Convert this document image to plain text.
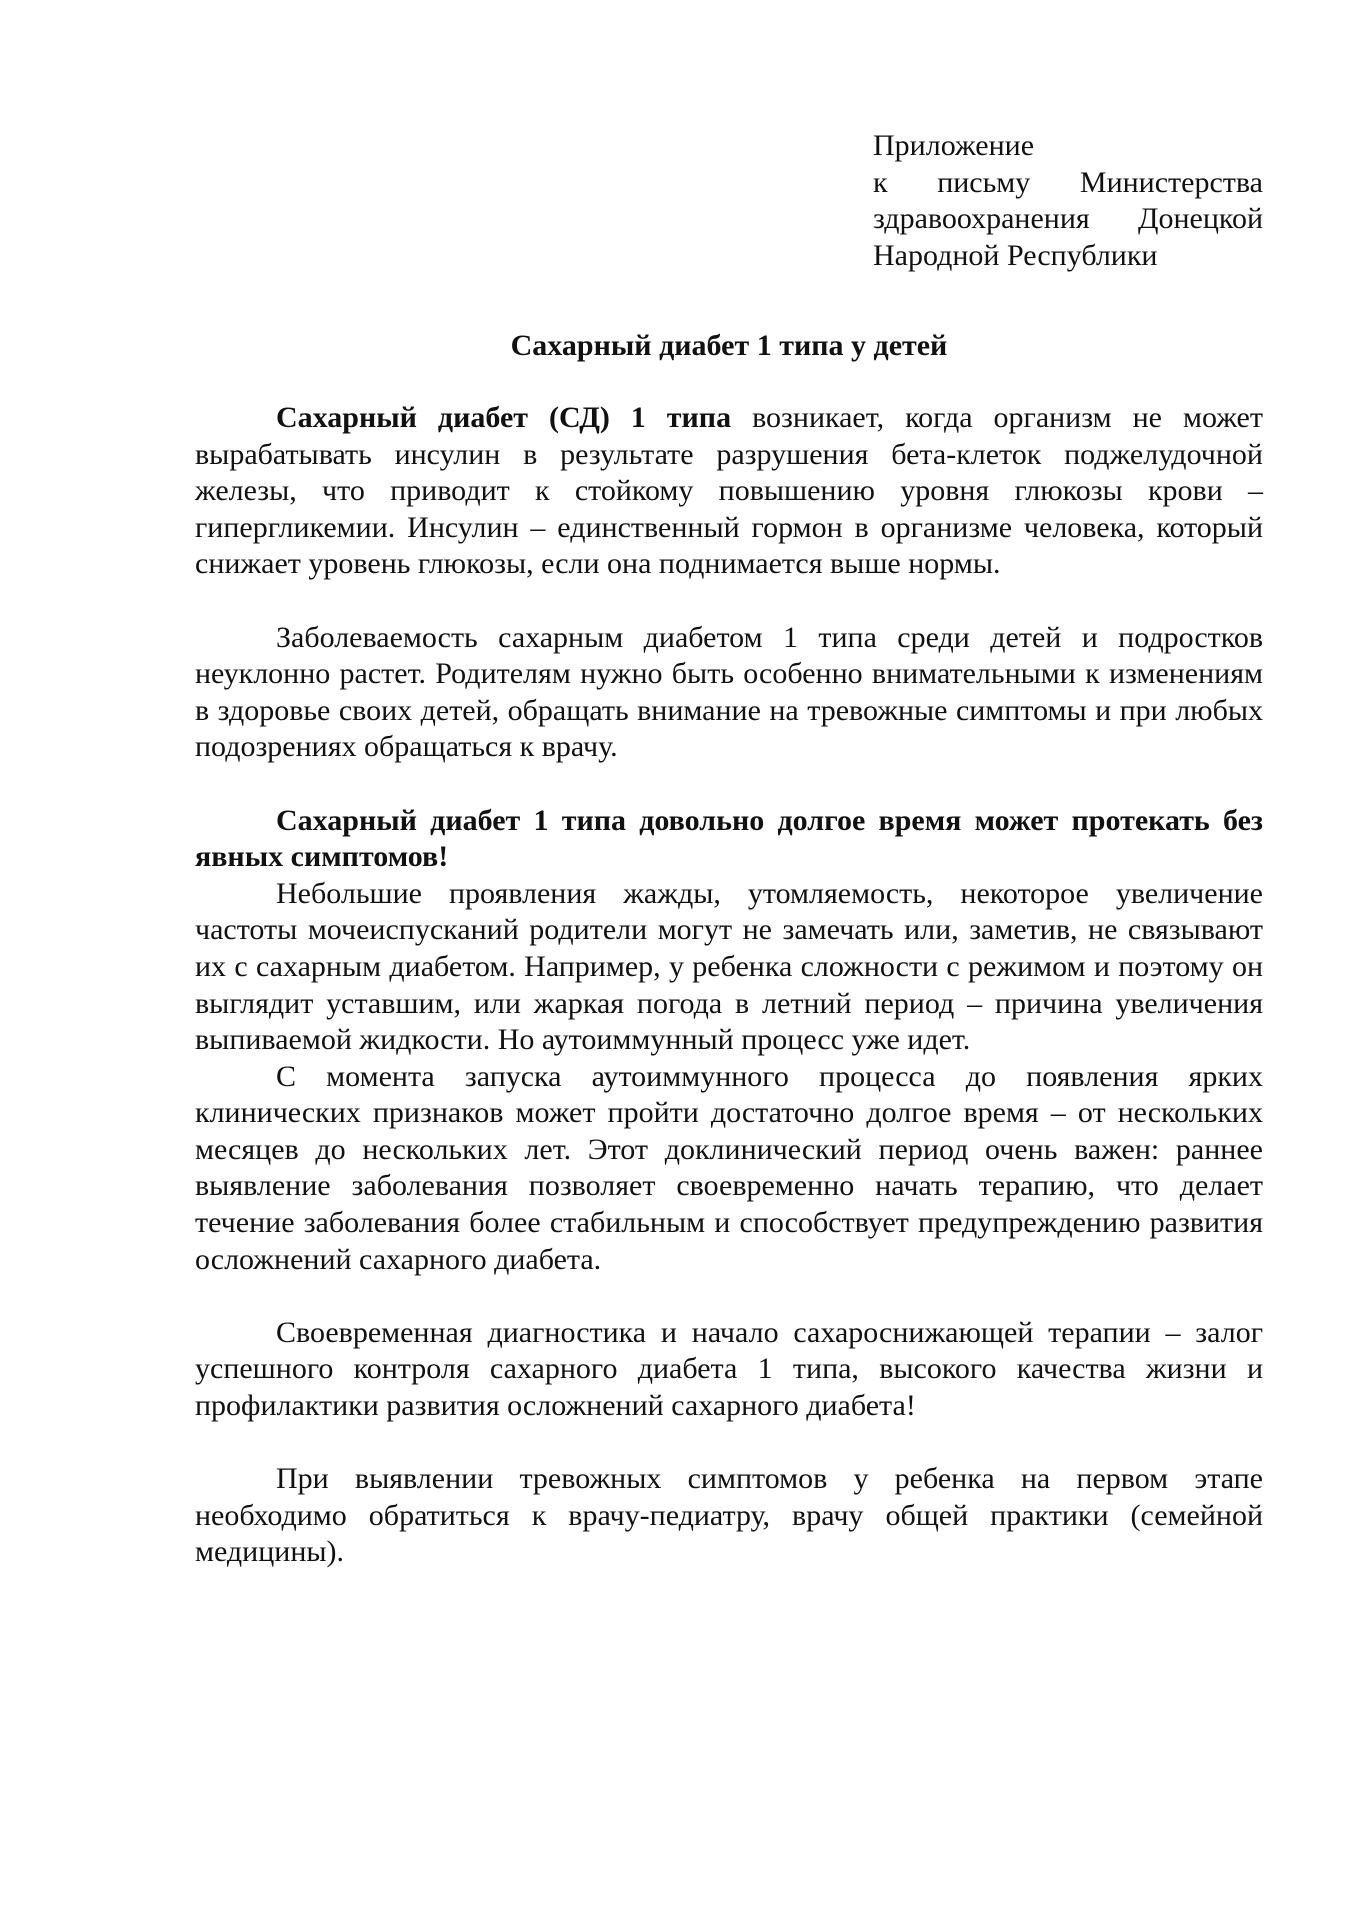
Приложение
к письму Министерства
здравоохранения Донецкой
Народной Республики
Сахарный диабет 1 типа у детей

Сахарный диабет (СД) 1 типа возникает, когда организм не может вырабатывать инсулин в результате разрушения бета-клеток поджелудочной железы, что приводит к стойкому повышению уровня глюкозы крови – гипергликемии. Инсулин – единственный гормон в организме человека, который снижает уровень глюкозы, если она поднимается выше нормы.

Заболеваемость сахарным диабетом 1 типа среди детей и подростков неуклонно растет. Родителям нужно быть особенно внимательными к изменениям в здоровье своих детей, обращать внимание на тревожные симптомы и при любых подозрениях обращаться к врачу.

Сахарный диабет 1 типа довольно долгое время может протекать без явных симптомов!

Небольшие проявления жажды, утомляемость, некоторое увеличение частоты мочеиспусканий родители могут не замечать или, заметив, не связывают их с сахарным диабетом. Например, у ребенка сложности с режимом и поэтому он выглядит уставшим, или жаркая погода в летний период – причина увеличения выпиваемой жидкости. Но аутоиммунный процесс уже идет.

С момента запуска аутоиммунного процесса до появления ярких клинических признаков может пройти достаточно долгое время – от нескольких месяцев до нескольких лет. Этот доклинический период очень важен: раннее выявление заболевания позволяет своевременно начать терапию, что делает течение заболевания более стабильным и способствует предупреждению развития осложнений сахарного диабета.

Своевременная диагностика и начало сахароснижающей терапии – залог успешного контроля сахарного диабета 1 типа, высокого качества жизни и профилактики развития осложнений сахарного диабета!

При выявлении тревожных симптомов у ребенка на первом этапе необходимо обратиться к врачу-педиатру, врачу общей практики (семейной медицины).
